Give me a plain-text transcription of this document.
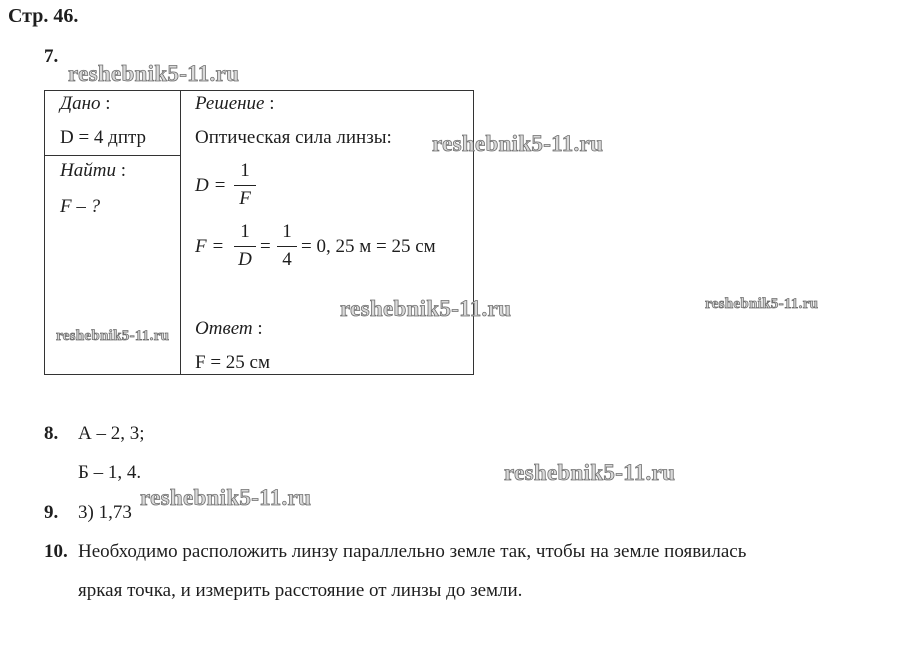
Стр. 46.
7.
Дано :
D = 4 дптр
Найти :
F – ?
Решение :
Оптическая сила линзы:
D =
1
F
F =
1
D
=
1
4
= 0, 25 м = 25 см
Ответ :
F = 25 см
8. А – 2, 3;
Б – 1, 4.
9. 3) 1,73
10. Необходимо расположить линзу параллельно земле так, чтобы на земле появилась
яркая точка, и измерить расстояние от линзы до земли.
reshebnik5-11.ru
reshebnik5-11.ru
reshebnik5-11.ru	reshebnik5-11.ru
reshebnik5-11.ru
reshebnik5-11.ru
reshebnik5-11.ru
